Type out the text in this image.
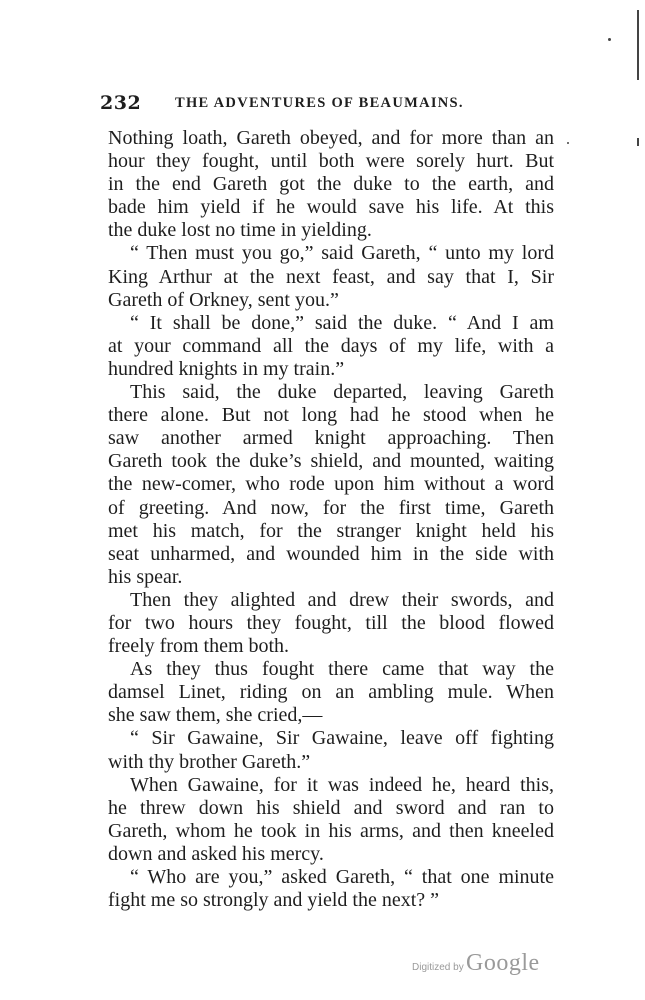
232 THE ADVENTURES OF BEAUMAINS.
Nothing loath, Gareth obeyed, and for more than an
hour they fought, until both were sorely hurt. But
in the end Gareth got the duke to the earth, and
bade him yield if he would save his life. At this
the duke lost no time in yielding.
“ Then must you go,” said Gareth, “ unto my lord
King Arthur at the next feast, and say that I, Sir
Gareth of Orkney, sent you.”
“ It shall be done,” said the duke. “ And I am
at your command all the days of my life, with a
hundred knights in my train.”
This said, the duke departed, leaving Gareth
there alone. But not long had he stood when he
saw another armed knight approaching. Then
Gareth took the duke’s shield, and mounted, waiting
the new-comer, who rode upon him without a word
of greeting. And now, for the first time, Gareth
met his match, for the stranger knight held his
seat unharmed, and wounded him in the side with
his spear.
Then they alighted and drew their swords, and
for two hours they fought, till the blood flowed
freely from them both.
As they thus fought there came that way the
damsel Linet, riding on an ambling mule. When
she saw them, she cried,—
“ Sir Gawaine, Sir Gawaine, leave off fighting
with thy brother Gareth.”
When Gawaine, for it was indeed he, heard this,
he threw down his shield and sword and ran to
Gareth, whom he took in his arms, and then kneeled
down and asked his mercy.
“ Who are you,” asked Gareth, “ that one minute
fight me so strongly and yield the next? ”
Digitized by Google
